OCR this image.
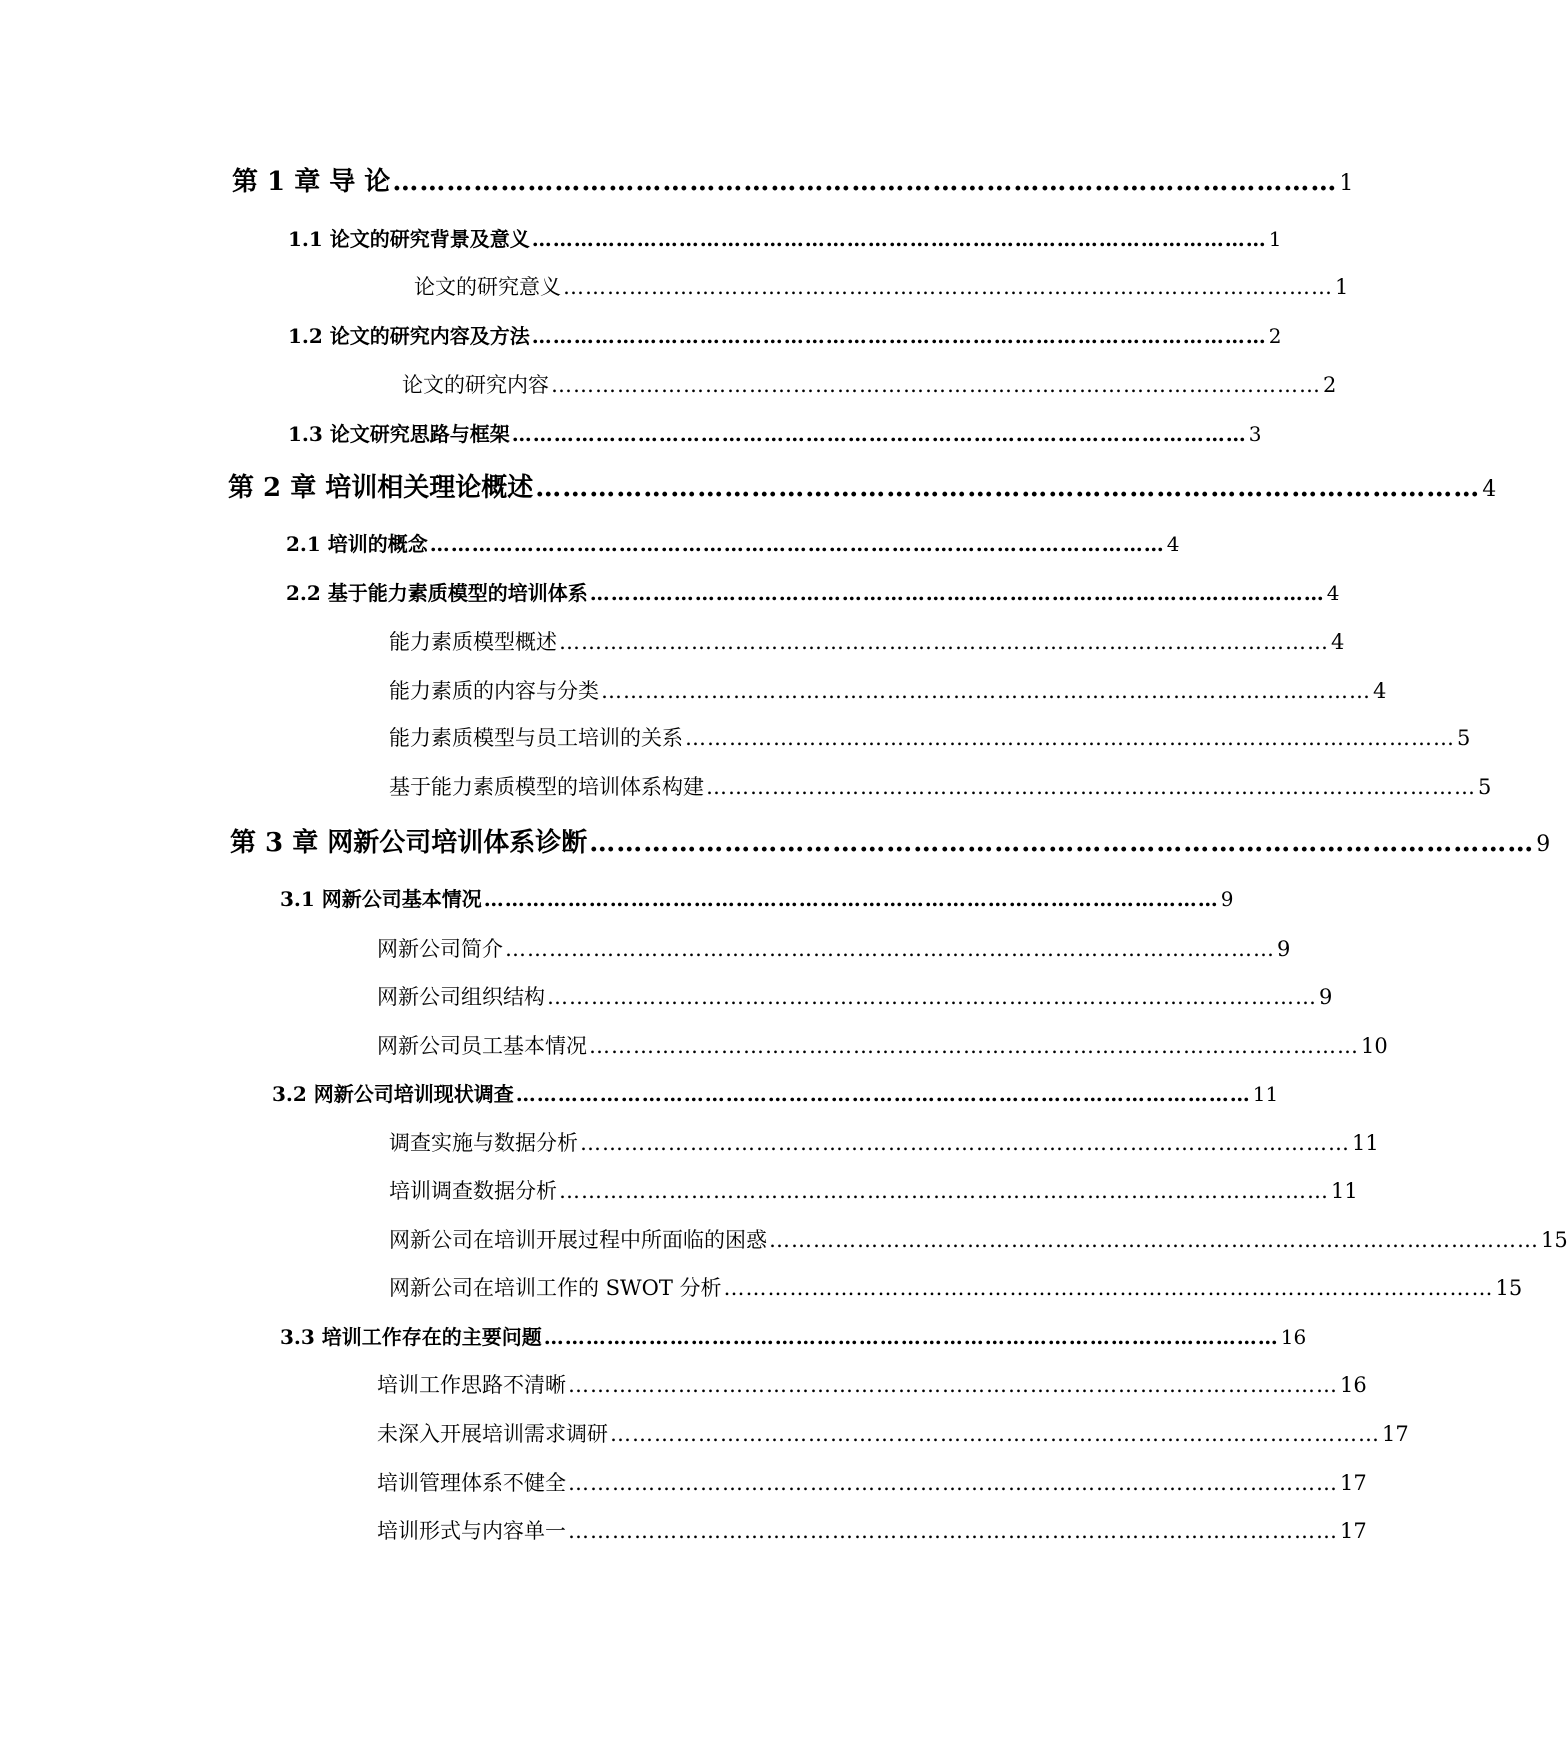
第 1 章 导 论 …………………………………………………………………………………………… 1
1.1 论文的研究背景及意义 …………………………………………………………………………………………… 1
论文的研究意义 …………………………………………………………………………………………… 1
1.2 论文的研究内容及方法 …………………………………………………………………………………………… 2
论文的研究内容 …………………………………………………………………………………………… 2
1.3 论文研究思路与框架 …………………………………………………………………………………………… 3
第 2 章 培训相关理论概述 …………………………………………………………………………………………… 4
2.1 培训的概念 …………………………………………………………………………………………… 4
2.2 基于能力素质模型的培训体系 …………………………………………………………………………………………… 4
能力素质模型概述 …………………………………………………………………………………………… 4
能力素质的内容与分类 …………………………………………………………………………………………… 4
能力素质模型与员工培训的关系 …………………………………………………………………………………………… 5
基于能力素质模型的培训体系构建 …………………………………………………………………………………………… 5
第 3 章 网新公司培训体系诊断 …………………………………………………………………………………………… 9
3.1 网新公司基本情况 …………………………………………………………………………………………… 9
网新公司简介 …………………………………………………………………………………………… 9
网新公司组织结构 …………………………………………………………………………………………… 9
网新公司员工基本情况 …………………………………………………………………………………………… 10
3.2 网新公司培训现状调查 …………………………………………………………………………………………… 11
调查实施与数据分析 …………………………………………………………………………………………… 11
培训调查数据分析 …………………………………………………………………………………………… 11
网新公司在培训开展过程中所面临的困惑 …………………………………………………………………………………………… 15
网新公司在培训工作的 SWOT 分析 …………………………………………………………………………………………… 15
3.3 培训工作存在的主要问题 …………………………………………………………………………………………… 16
培训工作思路不清晰 …………………………………………………………………………………………… 16
未深入开展培训需求调研 …………………………………………………………………………………………… 17
培训管理体系不健全 …………………………………………………………………………………………… 17
培训形式与内容单一 …………………………………………………………………………………………… 17
